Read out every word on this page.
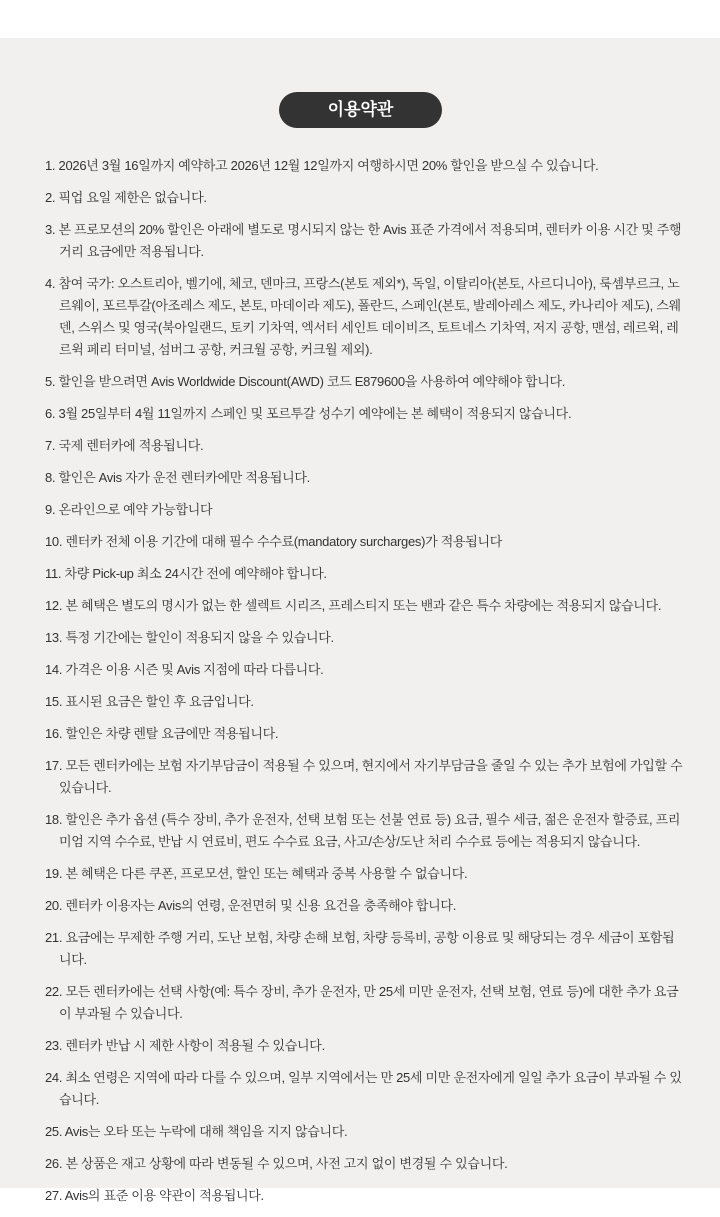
이용약관
1. 2026년 3월 16일까지 예약하고 2026년 12월 12일까지 여행하시면 20% 할인을 받으실 수 있습니다.
2. 픽업 요일 제한은 없습니다.
3. 본 프로모션의 20% 할인은 아래에 별도로 명시되지 않는 한 Avis 표준 가격에서 적용되며, 렌터카 이용 시간 및 주행 거리 요금에만 적용됩니다.
4. 참여 국가: 오스트리아, 벨기에, 체코, 덴마크, 프랑스(본토 제외*), 독일, 이탈리아(본토, 사르디니아), 룩셈부르크, 노르웨이, 포르투갈(아조레스 제도, 본토, 마데이라 제도), 폴란드, 스페인(본토, 발레아레스 제도, 카나리아 제도), 스웨덴, 스위스 및 영국(북아일랜드, 토키 기차역, 엑서터 세인트 데이비즈, 토트네스 기차역, 저지 공항, 맨섬, 레르윅, 레르윅 페리 터미널, 섬버그 공항, 커크월 공항, 커크월 제외).
5. 할인을 받으려면 Avis Worldwide Discount(AWD) 코드 E879600을 사용하여 예약해야 합니다.
6. 3월 25일부터 4월 11일까지 스페인 및 포르투갈 성수기 예약에는 본 혜택이 적용되지 않습니다.
7. 국제 렌터카에 적용됩니다.
8. 할인은 Avis 자가 운전 렌터카에만 적용됩니다.
9. 온라인으로 예약 가능합니다
10. 렌터카 전체 이용 기간에 대해 필수 수수료(mandatory surcharges)가 적용됩니다
11. 차량 Pick-up 최소 24시간 전에 예약해야 합니다.
12. 본 혜택은 별도의 명시가 없는 한 셀렉트 시리즈, 프레스티지 또는 밴과 같은 특수 차량에는 적용되지 않습니다.
13. 특정 기간에는 할인이 적용되지 않을 수 있습니다.
14. 가격은 이용 시즌 및 Avis 지점에 따라 다릅니다.
15. 표시된 요금은 할인 후 요금입니다.
16. 할인은 차량 렌탈 요금에만 적용됩니다.
17. 모든 렌터카에는 보험 자기부담금이 적용될 수 있으며, 현지에서 자기부담금을 줄일 수 있는 추가 보험에 가입할 수 있습니다.
18. 할인은 추가 옵션 (특수 장비, 추가 운전자, 선택 보험 또는 선불 연료 등) 요금, 필수 세금, 젊은 운전자 할증료, 프리미엄 지역 수수료, 반납 시 연료비, 편도 수수료 요금, 사고/손상/도난 처리 수수료 등에는 적용되지 않습니다.
19. 본 혜택은 다른 쿠폰, 프로모션, 할인 또는 혜택과 중복 사용할 수 없습니다.
20. 렌터카 이용자는 Avis의 연령, 운전면허 및 신용 요건을 충족해야 합니다.
21. 요금에는 무제한 주행 거리, 도난 보험, 차량 손해 보험, 차량 등록비, 공항 이용료 및 해당되는 경우 세금이 포함됩니다.
22. 모든 렌터카에는 선택 사항(예: 특수 장비, 추가 운전자, 만 25세 미만 운전자, 선택 보험, 연료 등)에 대한 추가 요금이 부과될 수 있습니다.
23. 렌터카 반납 시 제한 사항이 적용될 수 있습니다.
24. 최소 연령은 지역에 따라 다를 수 있으며, 일부 지역에서는 만 25세 미만 운전자에게 일일 추가 요금이 부과될 수 있습니다.
25. Avis는 오타 또는 누락에 대해 책임을 지지 않습니다.
26. 본 상품은 재고 상황에 따라 변동될 수 있으며, 사전 고지 없이 변경될 수 있습니다.
27. Avis의 표준 이용 약관이 적용됩니다.
